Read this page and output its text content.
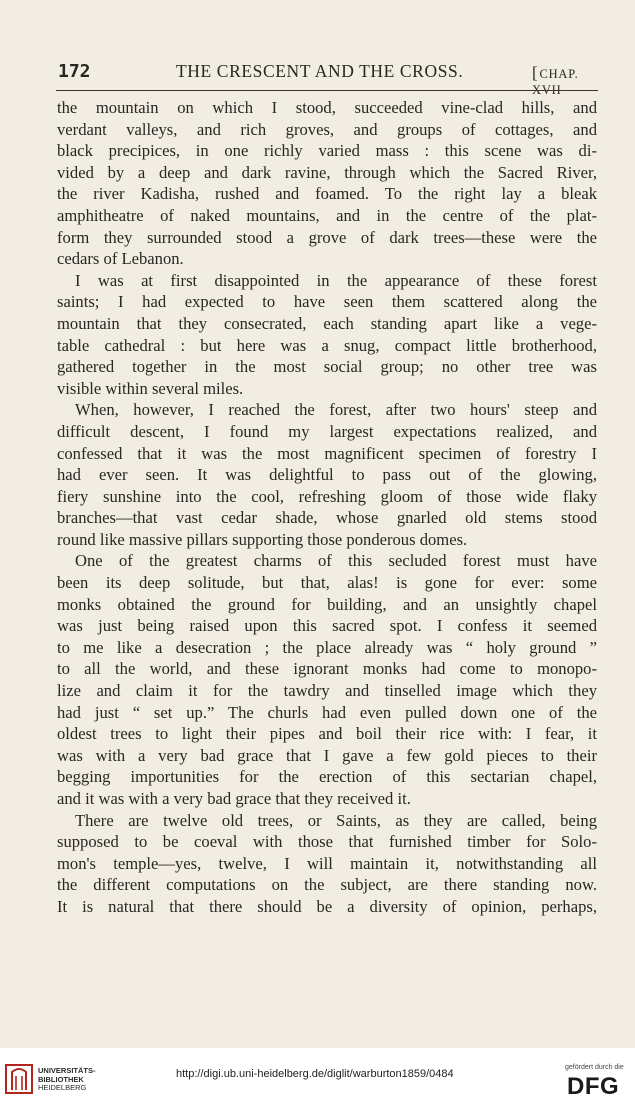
172	THE CRESCENT AND THE CROSS.	[CHAP. XVII
the mountain on which I stood, succeeded vine-clad hills, and
verdant valleys, and rich groves, and groups of cottages, and
black precipices, in one richly varied mass : this scene was di-
vided by a deep and dark ravine, through which the Sacred River,
the river Kadisha, rushed and foamed. To the right lay a bleak
amphitheatre of naked mountains, and in the centre of the plat-
form they surrounded stood a grove of dark trees—these were the
cedars of Lebanon.
I was at first disappointed in the appearance of these forest
saints; I had expected to have seen them scattered along the
mountain that they consecrated, each standing apart like a vege-
table cathedral : but here was a snug, compact little brotherhood,
gathered together in the most social group; no other tree was
visible within several miles.
When, however, I reached the forest, after two hours' steep and
difficult descent, I found my largest expectations realized, and
confessed that it was the most magnificent specimen of forestry I
had ever seen. It was delightful to pass out of the glowing,
fiery sunshine into the cool, refreshing gloom of those wide flaky
branches—that vast cedar shade, whose gnarled old stems stood
round like massive pillars supporting those ponderous domes.
One of the greatest charms of this secluded forest must have
been its deep solitude, but that, alas! is gone for ever: some
monks obtained the ground for building, and an unsightly chapel
was just being raised upon this sacred spot. I confess it seemed
to me like a desecration ; the place already was “ holy ground ”
to all the world, and these ignorant monks had come to monopo-
lize and claim it for the tawdry and tinselled image which they
had just “ set up.” The churls had even pulled down one of the
oldest trees to light their pipes and boil their rice with: I fear, it
was with a very bad grace that I gave a few gold pieces to their
begging importunities for the erection of this sectarian chapel,
and it was with a very bad grace that they received it.
There are twelve old trees, or Saints, as they are called, being
supposed to be coeval with those that furnished timber for Solo-
mon's temple—yes, twelve, I will maintain it, notwithstanding all
the different computations on the subject, are there standing now.
It is natural that there should be a diversity of opinion, perhaps,
UNIVERSITÄTS-
BIBLIOTHEK
HEIDELBERG
http://digi.ub.uni-heidelberg.de/diglit/warburton1859/0484
gefördert durch die
DFG
